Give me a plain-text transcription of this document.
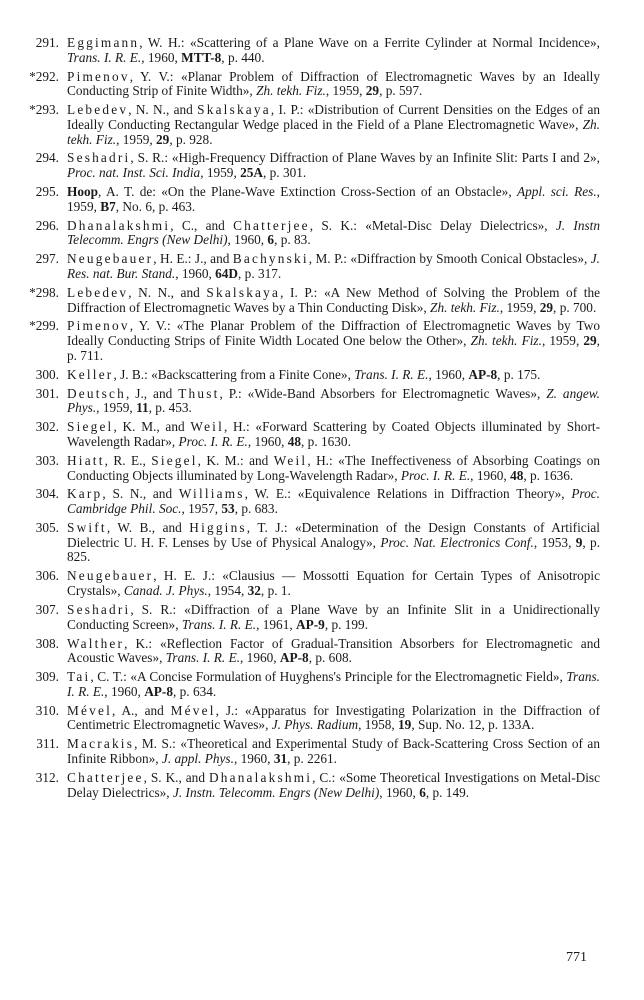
291. Eggimann, W. H.: «Scattering of a Plane Wave on a Ferrite Cylinder at Normal Incidence», Trans. I. R. E., 1960, MTT-8, p. 440.
*292. Pimenov, Y. V.: «Planar Problem of Diffraction of Electromagnetic Waves by an Ideally Conducting Strip of Finite Width», Zh. tekh. Fiz., 1959, 29, p. 597.
*293. Lebedev, N. N., and Skalskaya, I. P.: «Distribution of Current Densities on the Edges of an Ideally Conducting Rectangular Wedge placed in the Field of a Plane Electromagnetic Wave», Zh. tekh. Fiz., 1959, 29, p. 928.
294. Seshadri, S. R.: «High-Frequency Diffraction of Plane Waves by an Infinite Slit: Parts I and 2», Proc. nat. Inst. Sci. India, 1959, 25A, p. 301.
295. Hoop, A. T. de: «On the Plane-Wave Extinction Cross-Section of an Obstacle», Appl. sci. Res., 1959, B7, No. 6, p. 463.
296. Dhanalakshmi, C., and Chatterjee, S. K.: «Metal-Disc Delay Dielectrics», J. Instn Telecomm. Engrs (New Delhi), 1960, 6, p. 83.
297. Neugebauer, H. E.: J., and Bachynski, M. P.: «Diffraction by Smooth Conical Obstacles», J. Res. nat. Bur. Stand., 1960, 64D, p. 317.
*298. Lebedev, N. N., and Skalskaya, I. P.: «A New Method of Solving the Problem of the Diffraction of Electromagnetic Waves by a Thin Conducting Disk», Zh. tekh. Fiz., 1959, 29, p. 700.
*299. Pimenov, Y. V.: «The Planar Problem of the Diffraction of Electromagnetic Waves by Two Ideally Conducting Strips of Finite Width Located One below the Other», Zh. tekh. Fiz., 1959, 29, p. 711.
300. Keller, J. B.: «Backscattering from a Finite Cone», Trans. I. R. E., 1960, AP-8, p. 175.
301. Deutsch, J., and Thust, P.: «Wide-Band Absorbers for Electromagnetic Waves», Z. angew. Phys., 1959, 11, p. 453.
302. Siegel, K. M., and Weil, H.: «Forward Scattering by Coated Objects illuminated by Short-Wavelength Radar», Proc. I. R. E., 1960, 48, p. 1630.
303. Hiatt, R. E., Siegel, K. M.: and Weil, H.: «The Ineffectiveness of Absorbing Coatings on Conducting Objects illuminated by Long-Wavelength Radar», Proc. I. R. E., 1960, 48, p. 1636.
304. Karp, S. N., and Williams, W. E.: «Equivalence Relations in Diffraction Theory», Proc. Cambridge Phil. Soc., 1957, 53, p. 683.
305. Swift, W. B., and Higgins, T. J.: «Determination of the Design Constants of Artificial Dielectric U. H. F. Lenses by Use of Physical Analogy», Proc. Nat. Electronics Conf., 1953, 9, p. 825.
306. Neugebauer, H. E. J.: «Clausius — Mossotti Equation for Certain Types of Anisotropic Crystals», Canad. J. Phys., 1954, 32, p. 1.
307. Seshadri, S. R.: «Diffraction of a Plane Wave by an Infinite Slit in a Unidirectionally Conducting Screen», Trans. I. R. E., 1961, AP-9, p. 199.
308. Walther, K.: «Reflection Factor of Gradual-Transition Absorbers for Electromagnetic and Acoustic Waves», Trans. I. R. E., 1960, AP-8, p. 608.
309. Tai, C. T.: «A Concise Formulation of Huyghens's Principle for the Electromagnetic Field», Trans. I. R. E., 1960, AP-8, p. 634.
310. Mével, A., and Mével, J.: «Apparatus for Investigating Polarization in the Diffraction of Centimetric Electromagnetic Waves», J. Phys. Radium, 1958, 19, Sup. No. 12, p. 133A.
311. Macrakis, M. S.: «Theoretical and Experimental Study of Back-Scattering Cross Section of an Infinite Ribbon», J. appl. Phys., 1960, 31, p. 2261.
312. Chatterjee, S. K., and Dhanalakshmi, C.: «Some Theoretical Investigations on Metal-Disc Delay Dielectrics», J. Instn. Telecomm. Engrs (New Delhi), 1960, 6, p. 149.
771
